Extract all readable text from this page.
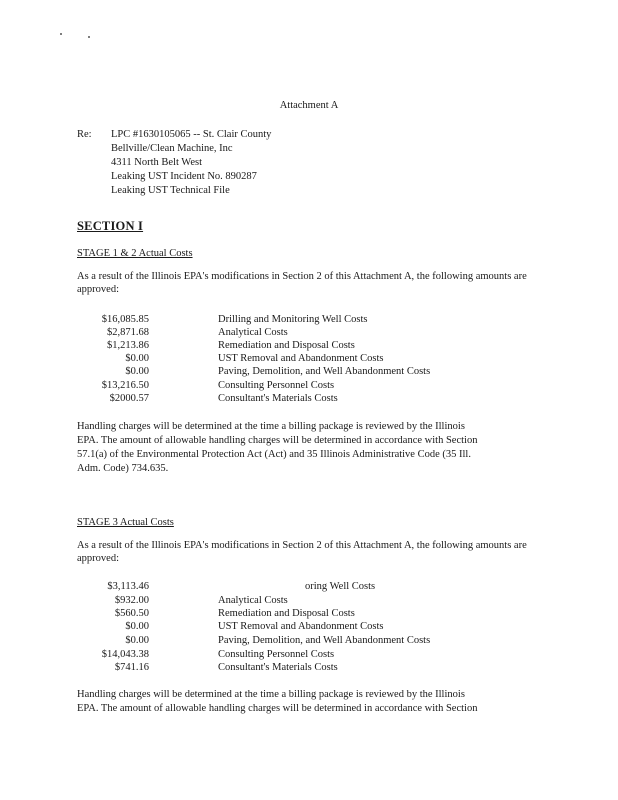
Attachment A
Re: LPC #1630105065 -- St. Clair County
Bellville/Clean Machine, Inc
4311 North Belt West
Leaking UST Incident No. 890287
Leaking UST Technical File
SECTION I
STAGE 1 & 2 Actual Costs
As a result of the Illinois EPA's modifications in Section 2 of this Attachment A, the following amounts are approved:
$16,085.85	Drilling and Monitoring Well Costs
$2,871.68	Analytical Costs
$1,213.86	Remediation and Disposal Costs
$0.00	UST Removal and Abandonment Costs
$0.00	Paving, Demolition, and Well Abandonment Costs
$13,216.50	Consulting Personnel Costs
$2000.57	Consultant's Materials Costs
Handling charges will be determined at the time a billing package is reviewed by the Illinois
EPA. The amount of allowable handling charges will be determined in accordance with Section
57.1(a) of the Environmental Protection Act (Act) and 35 Illinois Administrative Code (35 Ill.
Adm. Code) 734.635.
STAGE 3 Actual Costs
As a result of the Illinois EPA's modifications in Section 2 of this Attachment A, the following amounts are approved:
$3,113.46	oring Well Costs
$932.00	Analytical Costs
$560.50	Remediation and Disposal Costs
$0.00	UST Removal and Abandonment Costs
$0.00	Paving, Demolition, and Well Abandonment Costs
$14,043.38	Consulting Personnel Costs
$741.16	Consultant's Materials Costs
Handling charges will be determined at the time a billing package is reviewed by the Illinois
EPA. The amount of allowable handling charges will be determined in accordance with Section
